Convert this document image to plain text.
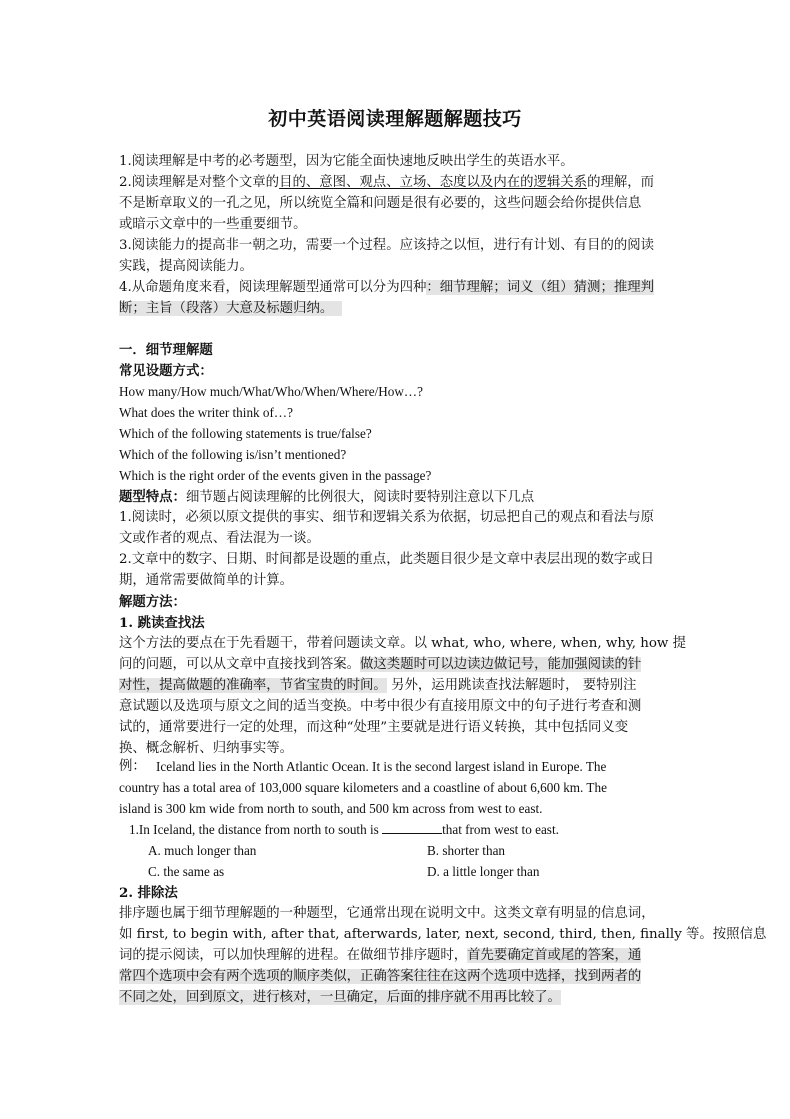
初中英语阅读理解题解题技巧
1.阅读理解是中考的必考题型，因为它能全面快速地反映出学生的英语水平。
2.阅读理解是对整个文章的目的、意图、观点、立场、态度以及内在的逻辑关系的理解，而
不是断章取义的一孔之见，所以统览全篇和问题是很有必要的，这些问题会给你提供信息
或暗示文章中的一些重要细节。
3.阅读能力的提高非一朝之功，需要一个过程。应该持之以恒，进行有计划、有目的的阅读
实践，提高阅读能力。
4.从命题角度来看，阅读理解题型通常可以分为四种：细节理解；词义（组）猜测；推理判
断；主旨（段落）大意及标题归纳。
一．细节理解题
常见设题方式：
How many/How much/What/Who/When/Where/How…?
What does the writer think of…?
Which of the following statements is true/false?
Which of the following is/isn’t mentioned?
Which is the right order of the events given in the passage?
题型特点：细节题占阅读理解的比例很大，阅读时要特别注意以下几点
1.阅读时，必须以原文提供的事实、细节和逻辑关系为依据，切忌把自己的观点和看法与原
文或作者的观点、看法混为一谈。
2.文章中的数字、日期、时间都是设题的重点，此类题目很少是文章中表层出现的数字或日
期，通常需要做简单的计算。
解题方法：
1. 跳读查找法
这个方法的要点在于先看题干，带着问题读文章。以 what, who, where, when, why, how 提
问的问题，可以从文章中直接找到答案。做这类题时可以边读边做记号，能加强阅读的针
对性，提高做题的准确率，节省宝贵的时间。 另外，运用跳读查找法解题时， 要特别注
意试题以及选项与原文之间的适当变换。中考中很少有直接用原文中的句子进行考查和测
试的，通常要进行一定的处理，而这种“处理”主要就是进行语义转换，其中包括同义变
换、概念解析、归纳事实等。
例： Iceland lies in the North Atlantic Ocean. It is the second largest island in Europe. The
country has a total area of 103,000 square kilometers and a coastline of about 6,600 km. The
island is 300 km wide from north to south, and 500 km across from west to east.
1.In Iceland, the distance from north to south is	that from west to east.
A. much longer than	B. shorter than
C. the same as	D. a little longer than
2. 排除法
排序题也属于细节理解题的一种题型，它通常出现在说明文中。这类文章有明显的信息词，
如 first, to begin with, after that, afterwards, later, next, second, third, then, finally 等。按照信息
词的提示阅读，可以加快理解的进程。在做细节排序题时，首先要确定首或尾的答案，通
常四个选项中会有两个选项的顺序类似，正确答案往往在这两个选项中选择，找到两者的
不同之处，回到原文，进行核对，一旦确定，后面的排序就不用再比较了。
